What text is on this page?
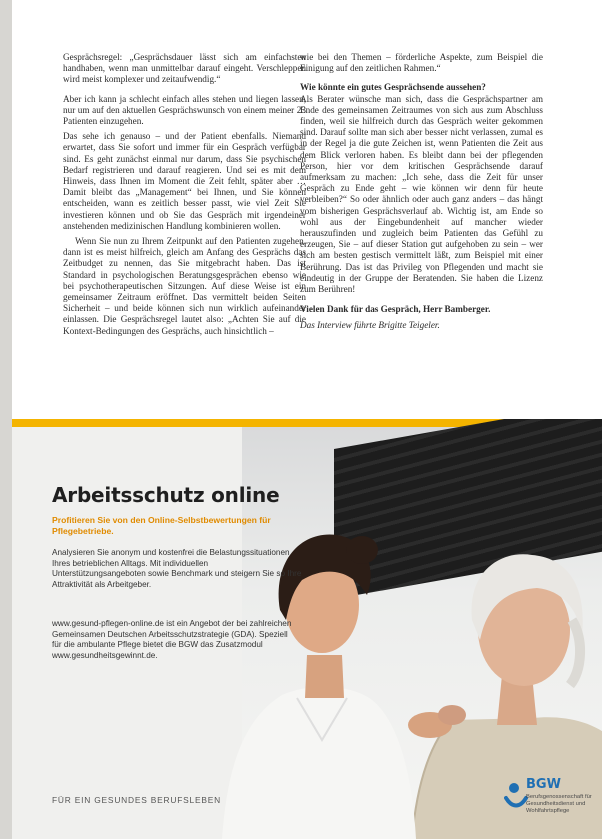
Gesprächsregel: „Gesprächsdauer lässt sich am einfachsten handhaben, wenn man unmittelbar darauf eingeht. Verschleppen wird meist komplexer und zeitaufwendig.“

Aber ich kann ja schlecht einfach alles stehen und liegen lassen, nur um auf den aktuellen Gesprächswunsch von einem meiner 23 Patienten einzugehen.

Das sehe ich genauso – und der Patient ebenfalls. Niemand erwartet, dass Sie sofort und immer für ein Gespräch verfügbar sind. Es geht zunächst einmal nur darum, dass Sie psychischen Bedarf registrieren und darauf reagieren. Und sei es mit dem Hinweis, dass Ihnen im Moment die Zeit fehlt, später aber … Damit bleibt das „Management“ bei Ihnen, und Sie können entscheiden, wann es zeitlich besser passt, wie viel Zeit Sie investieren können und ob Sie das Gespräch mit irgendeiner anstehenden medizinischen Handlung kombinieren wollen.

Wenn Sie nun zu Ihrem Zeitpunkt auf den Patienten zugehen, dann ist es meist hilfreich, gleich am Anfang des Gesprächs das Zeitbudget zu nennen, das Sie mitgebracht haben. Das ist Standard in psychologischen Beratungsgesprächen ebenso wie bei psychotherapeutischen Sitzungen. Auf diese Weise ist ein gemeinsamer Zeitraum eröffnet. Das vermittelt beiden Seiten Sicherheit – und beide können sich nun wirklich aufeinander einlassen. Die Gesprächsregel lautet also: „Achten Sie auf die Kontext-Bedingungen des Gesprächs, auch hinsichtlich –

wie bei den Themen – förderliche Aspekte, zum Beispiel die Einigung auf den zeitlichen Rahmen.“

Wie könnte ein gutes Gesprächsende aussehen?

Als Berater wünsche man sich, dass die Gesprächspartner am Ende des gemeinsamen Zeitraumes von sich aus zum Abschluss finden, weil sie hilfreich durch das Gespräch weiter gekommen sind. Darauf sollte man sich aber besser nicht verlassen, zumal es in der Regel ja die gute Zeichen ist, wenn Patienten die Zeit aus dem Blick verloren haben. Es bleibt dann bei der pflegenden Person, hier vor dem kritischen Gesprächsende darauf aufmerksam zu machen: „Ich sehe, dass die Zeit für unser Gespräch zu Ende geht – wie können wir denn für heute verbleiben?“ So oder ähnlich oder auch ganz anders – das hängt vom bisherigen Gesprächsverlauf ab. Wichtig ist, am Ende so wohl aus der Eingebundenheit auf mancher wieder herauszufinden und zugleich beim Patienten das Gefühl zu erzeugen, Sie – auf dieser Station gut aufgehoben zu sein – wer sich am besten gestisch vermittelt läßt, zum Beispiel mit einer Berührung. Das ist das Privileg von Pflegenden und macht sie eindeutig in der Gruppe der Beratenden. Sie haben die Lizenz zum Berühren!

Vielen Dank für das Gespräch, Herr Bamberger.

Das Interview führte Brigitte Teigeler.

Arbeitsschutz online

Profitieren Sie von den Online-Selbstbewertungen für Pflegebetriebe.

Analysieren Sie anonym und kostenfrei die Belastungssituationen Ihres betrieblichen Alltags. Mit individuellen Unterstützungsangeboten sowie Benchmark und steigern Sie so Ihre Attraktivität als Arbeitgeber.

www.gesund-pflegen-online.de ist ein Angebot der bei zahlreichen Gemeinsamen Deutschen Arbeitsschutzstrategie (GDA). Speziell für die ambulante Pflege bietet die BGW das Zusatzmodul www.gesundheitsgewinnt.de.

FÜR EIN GESUNDES BERUFSLEBEN
BGW
Berufsgenossenschaft für Gesundheitsdienst und Wohlfahrtspflege
